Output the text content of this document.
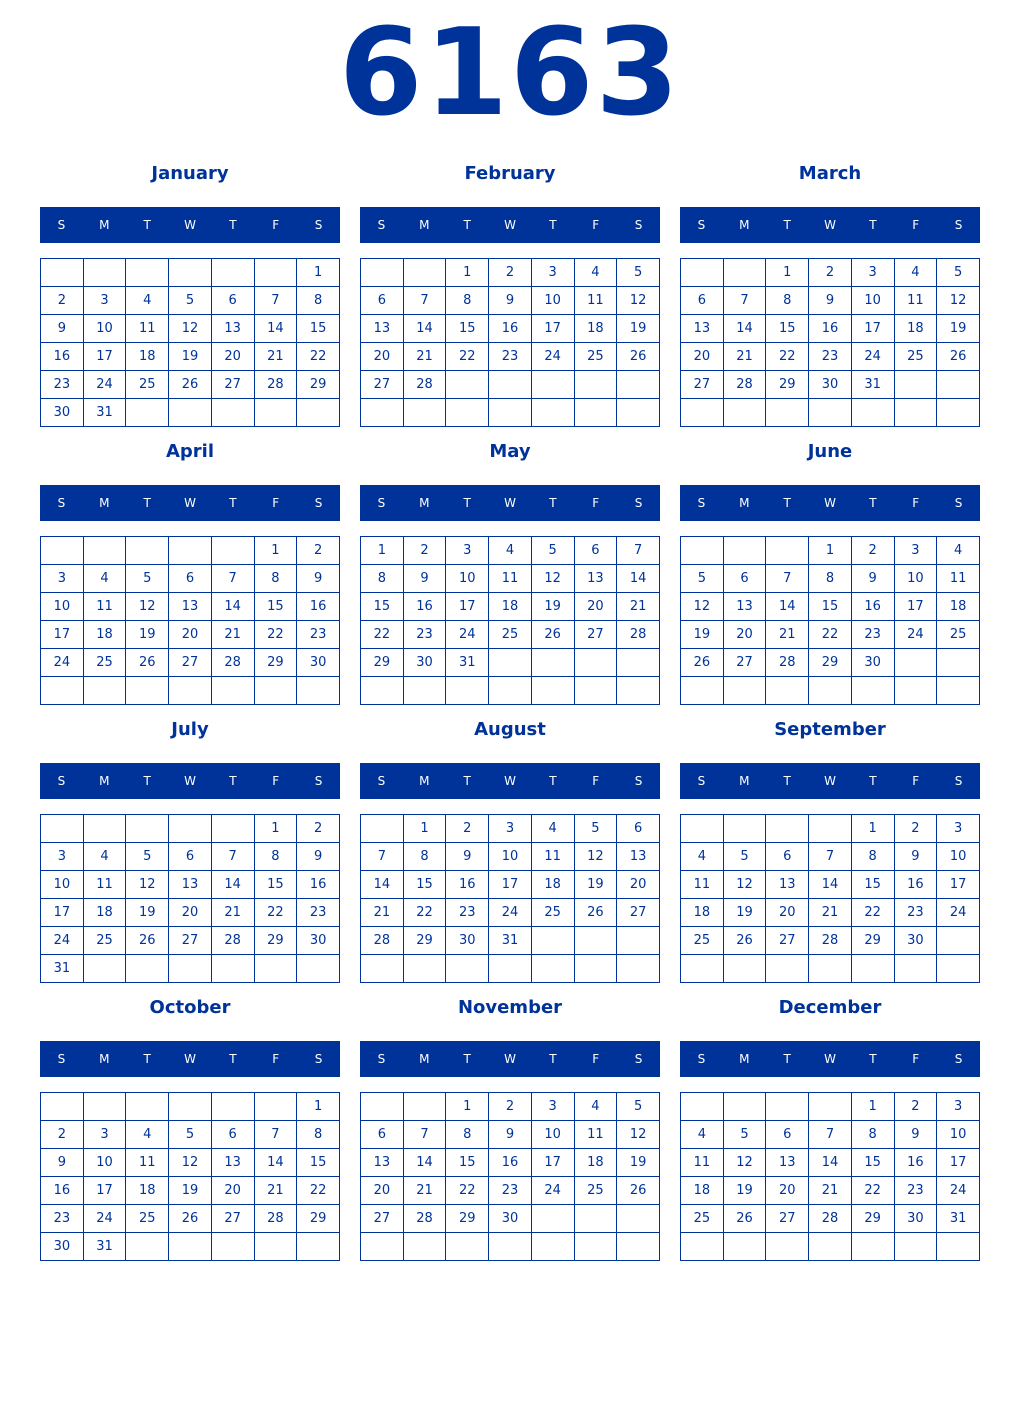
6163
January
S	M	T	W	T	F	S
						1
2	3	4	5	6	7	8
9	10	11	12	13	14	15
16	17	18	19	20	21	22
23	24	25	26	27	28	29
30	31					
February
S	M	T	W	T	F	S
		1	2	3	4	5
6	7	8	9	10	11	12
13	14	15	16	17	18	19
20	21	22	23	24	25	26
27	28					

March
S	M	T	W	T	F	S
		1	2	3	4	5
6	7	8	9	10	11	12
13	14	15	16	17	18	19
20	21	22	23	24	25	26
27	28	29	30	31		

April
S	M	T	W	T	F	S
					1	2
3	4	5	6	7	8	9
10	11	12	13	14	15	16
17	18	19	20	21	22	23
24	25	26	27	28	29	30

May
S	M	T	W	T	F	S
1	2	3	4	5	6	7
8	9	10	11	12	13	14
15	16	17	18	19	20	21
22	23	24	25	26	27	28
29	30	31				

June
S	M	T	W	T	F	S
			1	2	3	4
5	6	7	8	9	10	11
12	13	14	15	16	17	18
19	20	21	22	23	24	25
26	27	28	29	30		

July
S	M	T	W	T	F	S
					1	2
3	4	5	6	7	8	9
10	11	12	13	14	15	16
17	18	19	20	21	22	23
24	25	26	27	28	29	30
31						
August
S	M	T	W	T	F	S
	1	2	3	4	5	6
7	8	9	10	11	12	13
14	15	16	17	18	19	20
21	22	23	24	25	26	27
28	29	30	31			

September
S	M	T	W	T	F	S
				1	2	3
4	5	6	7	8	9	10
11	12	13	14	15	16	17
18	19	20	21	22	23	24
25	26	27	28	29	30	

October
S	M	T	W	T	F	S
						1
2	3	4	5	6	7	8
9	10	11	12	13	14	15
16	17	18	19	20	21	22
23	24	25	26	27	28	29
30	31					
November
S	M	T	W	T	F	S
		1	2	3	4	5
6	7	8	9	10	11	12
13	14	15	16	17	18	19
20	21	22	23	24	25	26
27	28	29	30			

December
S	M	T	W	T	F	S
				1	2	3
4	5	6	7	8	9	10
11	12	13	14	15	16	17
18	19	20	21	22	23	24
25	26	27	28	29	30	31
